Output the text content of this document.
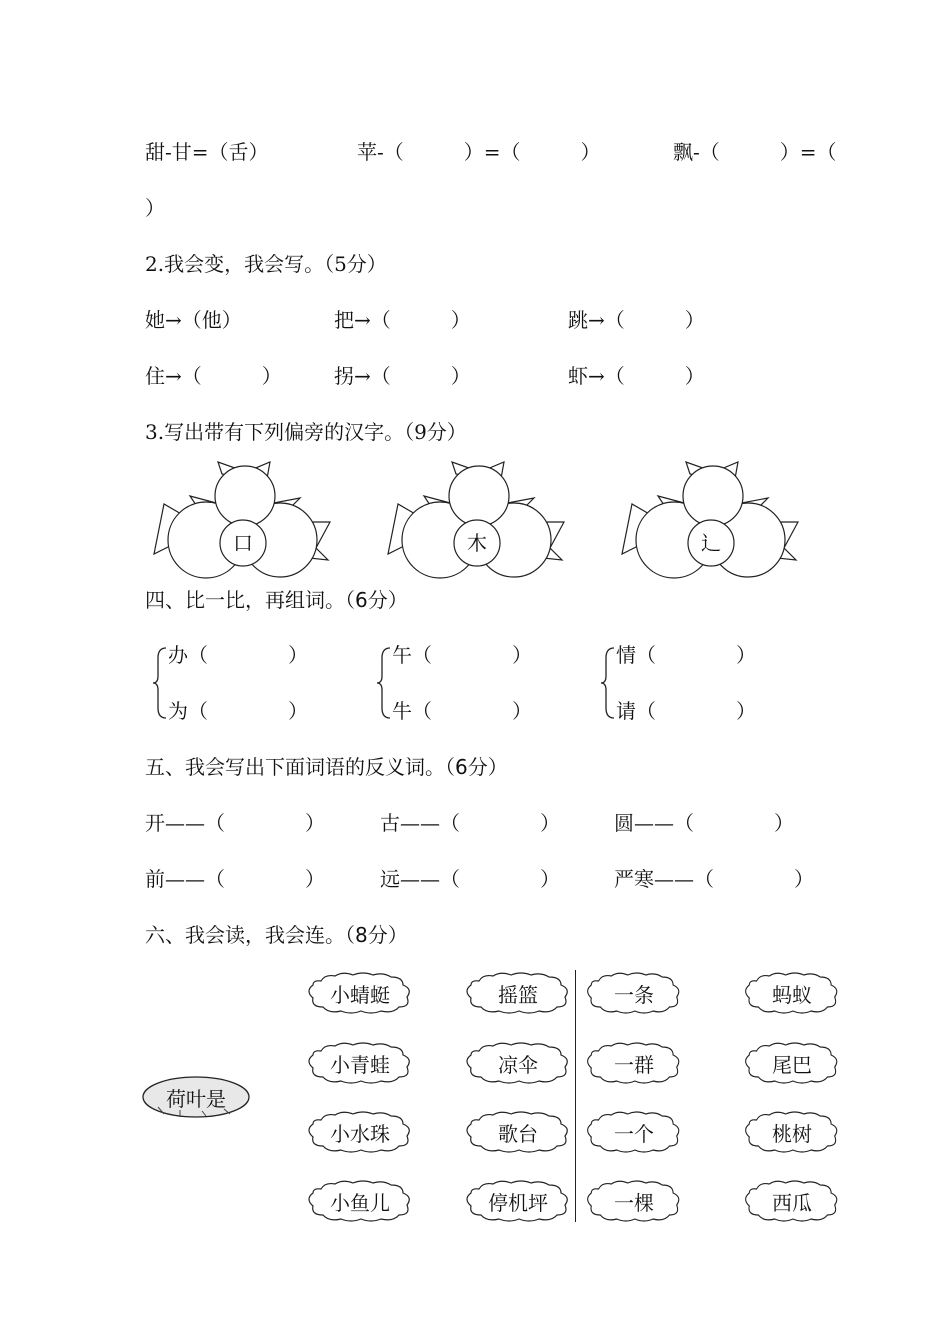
甜-甘=（舌）	苹-（　　　）=（　　　）	飘-（　　　）=（
）
2.我会变，我会写。（5分）
她→（他）	把→（　　　）	跳→（　　　）
住→（　　　）	拐→（　　　）	虾→（　　　）
3.写出带有下列偏旁的汉字。（9分）
口	木	辶
四、比一比，再组词。（6分）
办（　　　　）
为（　　　　）
午（　　　　）
牛（　　　　）
情（　　　　）
请（　　　　）
五、我会写出下面词语的反义词。（6分）
开——（　　　　）	古——（　　　　）	圆——（　　　　）
前——（　　　　）	远——（　　　　）	严寒——（　　　　）
六、我会读，我会连。（8分）
荷叶是
小蜻蜓
小青蛙
小水珠
小鱼儿
摇篮
凉伞
歌台
停机坪
一条
一群
一个
一棵
蚂蚁
尾巴
桃树
西瓜
